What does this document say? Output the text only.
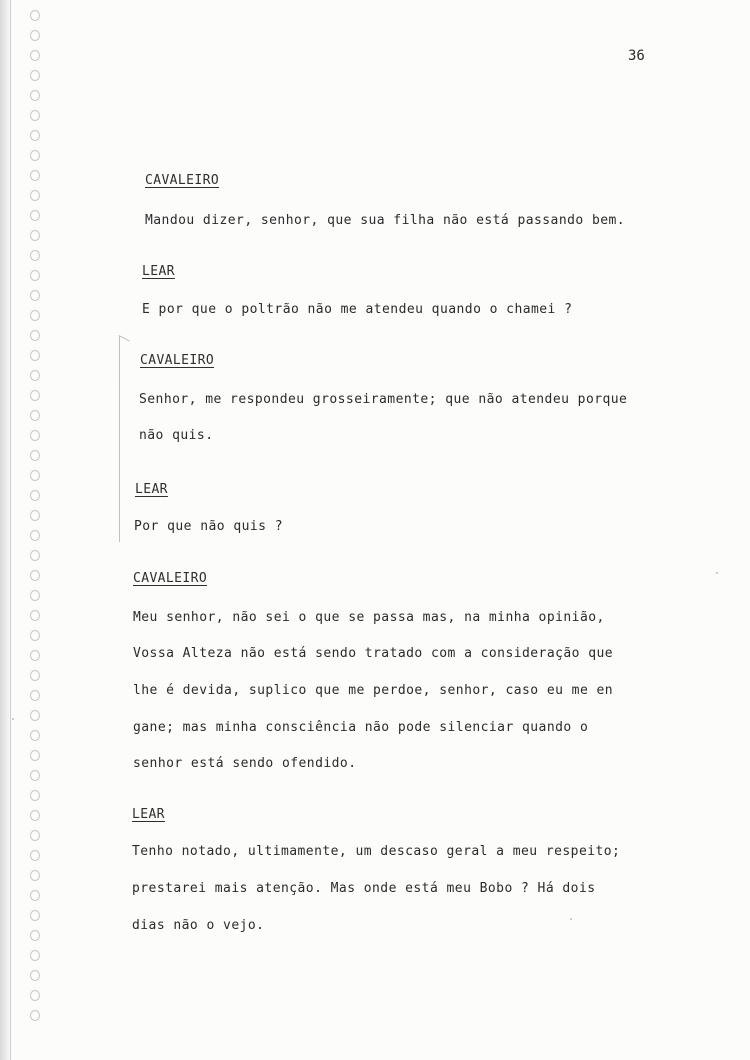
36
CAVALEIRO
Mandou dizer, senhor, que sua filha não está passando bem.
LEAR
E por que o poltrão não me atendeu quando o chamei ?
CAVALEIRO
Senhor, me respondeu grosseiramente; que não atendeu porque
não quis.
LEAR
Por que não quis ?
CAVALEIRO
Meu senhor, não sei o que se passa mas, na minha opinião,
Vossa Alteza não está sendo tratado com a consideração que
lhe é devida, suplico que me perdoe, senhor, caso eu me en
gane; mas minha consciência não pode silenciar quando o
senhor está sendo ofendido.
LEAR
Tenho notado, ultimamente, um descaso geral a meu respeito;
prestarei mais atenção. Mas onde está meu Bobo ? Há dois
dias não o vejo.
